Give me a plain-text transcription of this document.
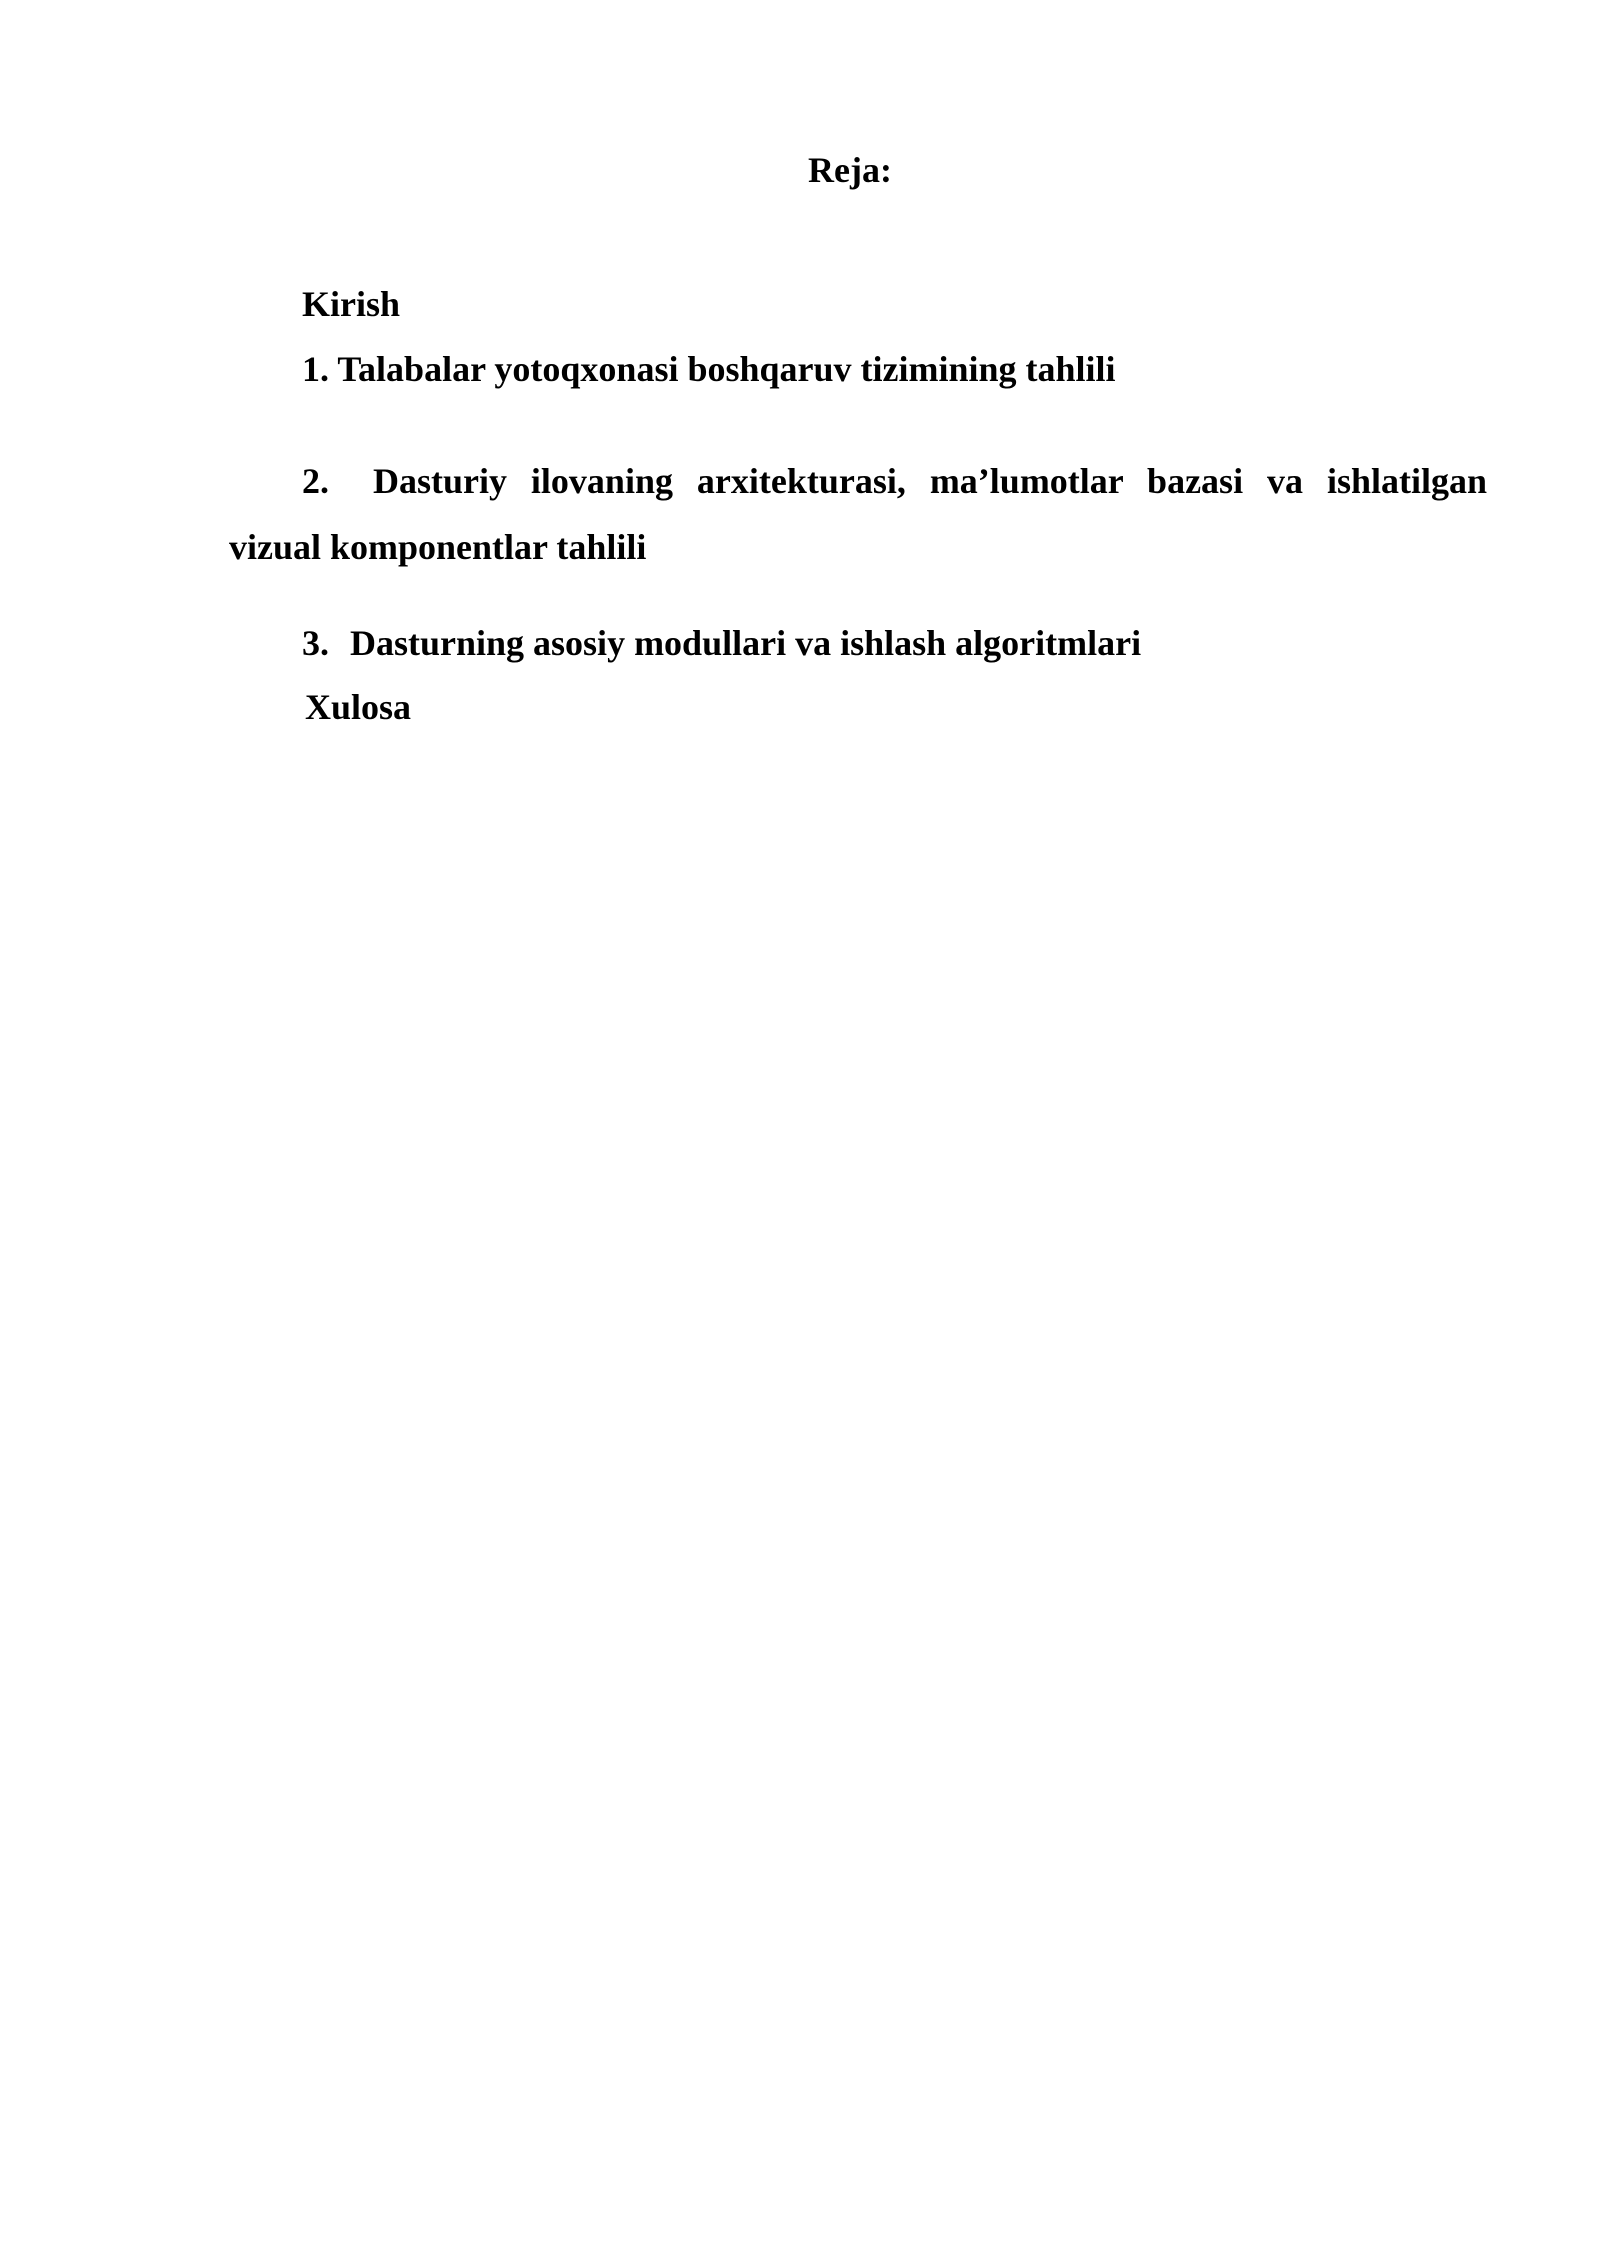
Reja:
Kirish
1. Talabalar yotoqxonasi boshqaruv tizimining tahlili
2. Dasturiy ilovaning arxitekturasi, ma’lumotlar bazasi va ishlatilgan vizual komponentlar tahlili
3. Dasturning asosiy modullari va ishlash algoritmlari
Xulosa
